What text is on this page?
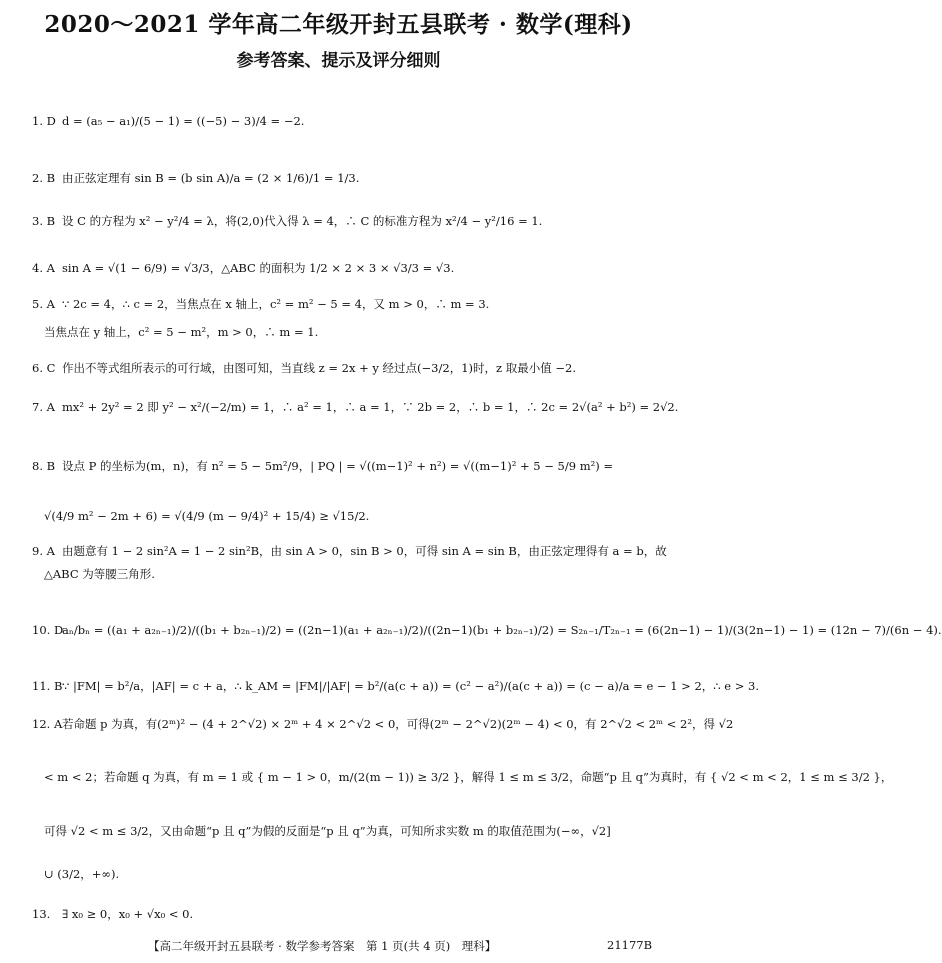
2020～2021 学年高二年级开封五县联考 · 数学(理科)
参考答案、提示及评分细则
1. D d = (a₅ − a₁)/(5 − 1) = ((−5) − 3)/4 = −2.
2. B 由正弦定理有 sin B = (b sin A)/a = (2 × 1/6)/1 = 1/3.
3. B 设 C 的方程为 x² − y²/4 = λ，将(2,0)代入得 λ = 4，∴ C 的标准方程为 x²/4 − y²/16 = 1.
4. A sin A = √(1 − 6/9) = √3/3，△ABC 的面积为 1/2 × 2 × 3 × √3/3 = √3.
5. A ∵ 2c = 4，∴ c = 2，当焦点在 x 轴上，c² = m² − 5 = 4，又 m > 0，∴ m = 3.
当焦点在 y 轴上，c² = 5 − m²，m > 0，∴ m = 1.
6. C 作出不等式组所表示的可行域，由图可知，当直线 z = 2x + y 经过点(−3/2，1)时，z 取最小值 −2.
7. A mx² + 2y² = 2 即 y² − x²/(−2/m) = 1，∴ a² = 1，∴ a = 1，∵ 2b = 2，∴ b = 1，∴ 2c = 2√(a² + b²) = 2√2.
8. B 设点 P 的坐标为(m，n)，有 n² = 5 − 5m²/9，| PQ | = √((m−1)² + n²) = √((m−1)² + 5 − 5/9 m²) =
√(4/9 m² − 2m + 6) = √(4/9 (m − 9/4)² + 15/4) ≥ √15/2.
9. A 由题意有 1 − 2 sin²A = 1 − 2 sin²B，由 sin A > 0，sin B > 0，可得 sin A = sin B，由正弦定理得有 a = b，故
△ABC 为等腰三角形.
10. Daₙ/bₙ = ((a₁ + a₂ₙ₋₁)/2)/((b₁ + b₂ₙ₋₁)/2) = ((2n−1)(a₁ + a₂ₙ₋₁)/2)/((2n−1)(b₁ + b₂ₙ₋₁)/2) = S₂ₙ₋₁/T₂ₙ₋₁ = (6(2n−1) − 1)/(3(2n−1) − 1) = (12n − 7)/(6n − 4).
11. B∵ |FM| = b²/a，|AF| = c + a，∴ k_AM = |FM|/|AF| = b²/(a(c + a)) = (c² − a²)/(a(c + a)) = (c − a)/a = e − 1 > 2，∴ e > 3.
12. A若命题 p 为真，有(2ᵐ)² − (4 + 2^√2) × 2ᵐ + 4 × 2^√2 < 0，可得(2ᵐ − 2^√2)(2ᵐ − 4) < 0，有 2^√2 < 2ᵐ < 2²，得 √2
< m < 2；若命题 q 为真，有 m = 1 或 { m − 1 > 0，m/(2(m − 1)) ≥ 3/2 }，解得 1 ≤ m ≤ 3/2，命题“p 且 q”为真时，有 { √2 < m < 2，1 ≤ m ≤ 3/2 }，
可得 √2 < m ≤ 3/2，又由命题“p 且 q”为假的反面是“p 且 q”为真，可知所求实数 m 的取值范围为(−∞，√2]
∪ (3/2，+∞).
13. ∃ x₀ ≥ 0，x₀ + √x₀ < 0.
【高二年级开封五县联考 · 数学参考答案　第 1 页(共 4 页)　理科】	21177B
